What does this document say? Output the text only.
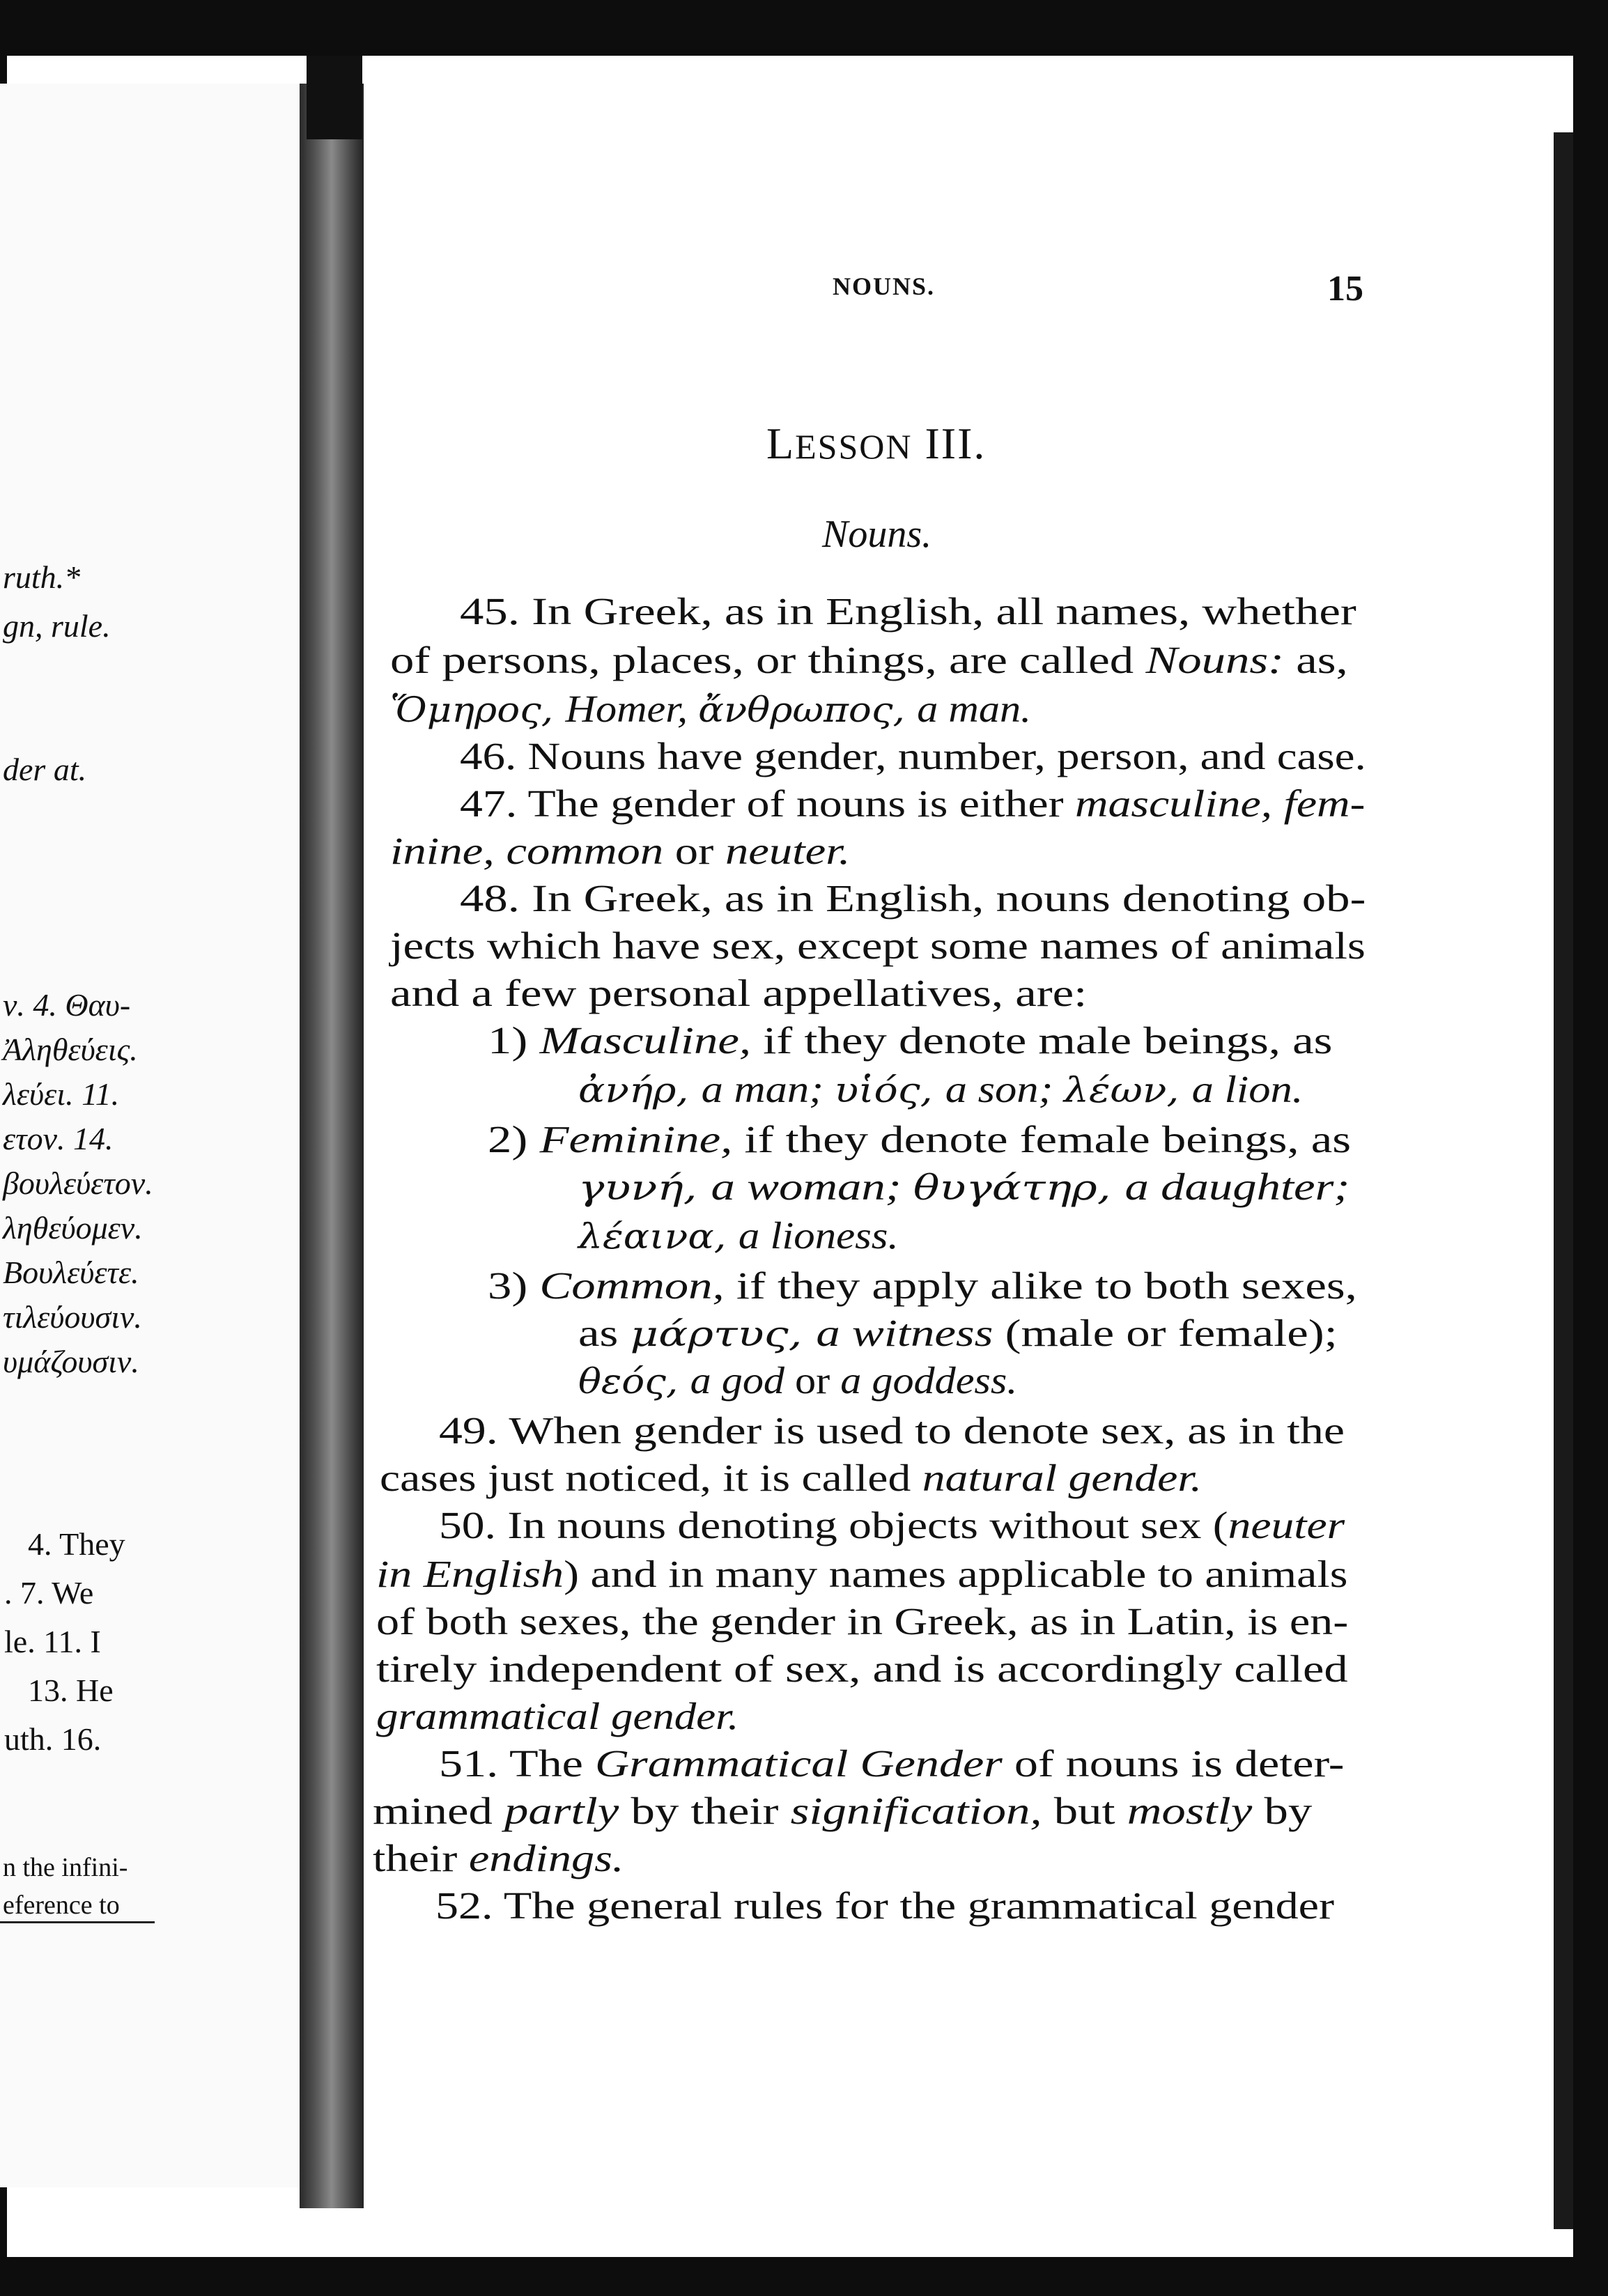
ruth.*
gn, rule.
der at.
ν. 4. Θαυ-
Ἀληθεύεις.
λεύει. 11.
ετον. 14.
βουλεύετον.
ληθεύομεν.
Βουλεύετε.
τιλεύουσιν.
υμάζουσιν.
4. They
. 7. We
le. 11. I
13. He
uth. 16.
n the infini-
eference to
NOUNS.	15
LESSON III.
Nouns.
45. In Greek, as in English, all names, whether
of persons, places, or things, are called Nouns: as,
Ὅμηρος, Homer, ἄνθρωπος, a man.
46. Nouns have gender, number, person, and case.
47. The gender of nouns is either masculine, fem-
inine, common or neuter.
48. In Greek, as in English, nouns denoting ob-
jects which have sex, except some names of animals
and a few personal appellatives, are:
1) Masculine, if they denote male beings, as
ἀνήρ, a man; υἱός, a son; λέων, a lion.
2) Feminine, if they denote female beings, as
γυνή, a woman; θυγάτηρ, a daughter;
λέαινα, a lioness.
3) Common, if they apply alike to both sexes,
as μάρτυς, a witness (male or female);
θεός, a god or a goddess.
49. When gender is used to denote sex, as in the
cases just noticed, it is called natural gender.
50. In nouns denoting objects without sex (neuter
in English) and in many names applicable to animals
of both sexes, the gender in Greek, as in Latin, is en-
tirely independent of sex, and is accordingly called
grammatical gender.
51. The Grammatical Gender of nouns is deter-
mined partly by their signification, but mostly by
their endings.
52. The general rules for the grammatical gender
